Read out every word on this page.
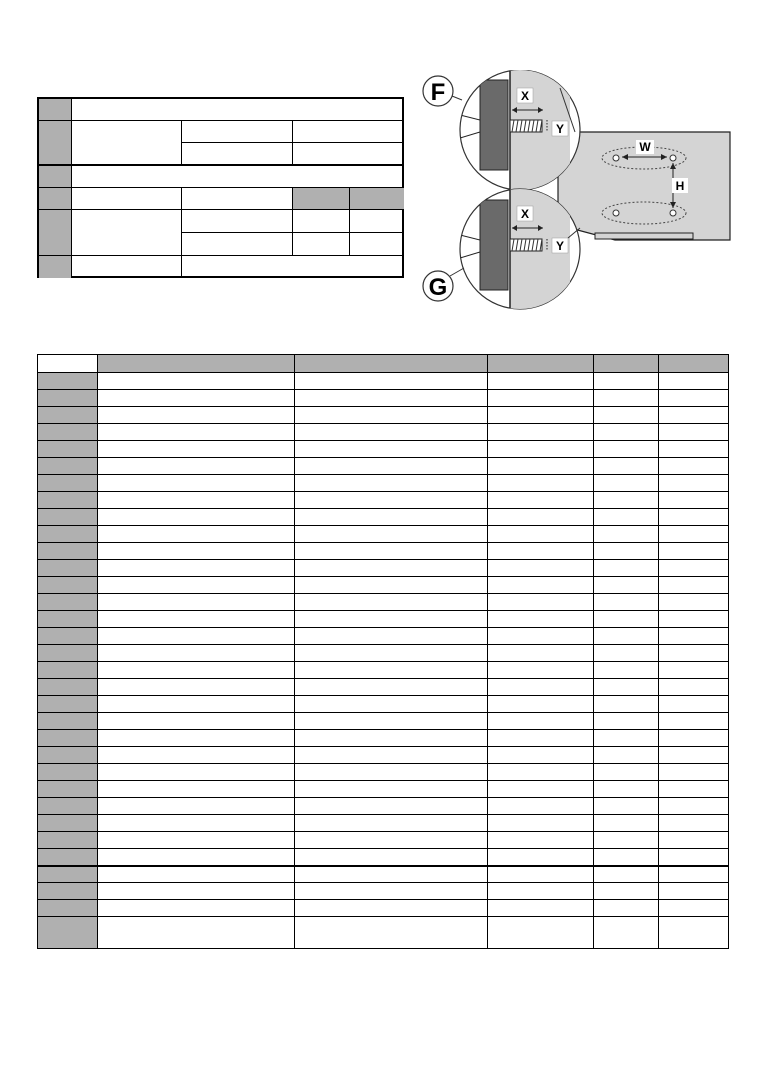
W
H
X
Y
X
Y
F
G
